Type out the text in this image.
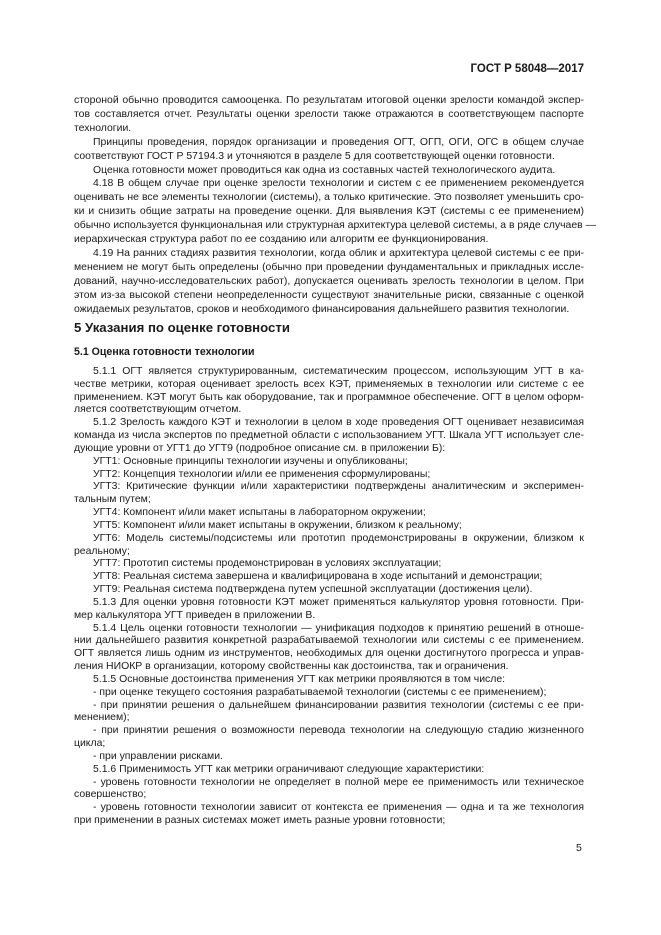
ГОСТ Р 58048—2017
стороной обычно проводится самооценка. По результатам итоговой оценки зрелости командой экспер-
тов составляется отчет. Результаты оценки зрелости также отражаются в соответствующем паспорте
технологии.
Принципы проведения, порядок организации и проведения ОГТ, ОГП, ОГИ, ОГС в общем случае
соответствуют ГОСТ Р 57194.3 и уточняются в разделе 5 для соответствующей оценки готовности.
Оценка готовности может проводиться как одна из составных частей технологического аудита.
4.18 В общем случае при оценке зрелости технологии и систем с ее применением рекомендуется
оценивать не все элементы технологии (системы), а только критические. Это позволяет уменьшить сро-
ки и снизить общие затраты на проведение оценки. Для выявления КЭТ (системы с ее применением)
обычно используется функциональная или структурная архитектура целевой системы, а в ряде случаев —
иерархическая структура работ по ее созданию или алгоритм ее функционирования.
4.19 На ранних стадиях развития технологии, когда облик и архитектура целевой системы с ее при-
менением не могут быть определены (обычно при проведении фундаментальных и прикладных иссле-
дований, научно-исследовательских работ), допускается оценивать зрелость технологии в целом. При
этом из-за высокой степени неопределенности существуют значительные риски, связанные с оценкой
ожидаемых результатов, сроков и необходимого финансирования дальнейшего развития технологии.
5 Указания по оценке готовности
5.1 Оценка готовности технологии
5.1.1 ОГТ является структурированным, систематическим процессом, использующим УГТ в ка-
честве метрики, которая оценивает зрелость всех КЭТ, применяемых в технологии или системе с ее
применением. КЭТ могут быть как оборудование, так и программное обеспечение. ОГТ в целом оформ-
ляется соответствующим отчетом.
5.1.2 Зрелость каждого КЭТ и технологии в целом в ходе проведения ОГТ оценивает независимая
команда из числа экспертов по предметной области с использованием УГТ. Шкала УГТ использует сле-
дующие уровни от УГТ1 до УГТ9 (подробное описание см. в приложении Б):
УГТ1: Основные принципы технологии изучены и опубликованы;
УГТ2: Концепция технологии и/или ее применения сформулированы;
УГТ3: Критические функции и/или характеристики подтверждены аналитическим и эксперимен-
тальным путем;
УГТ4: Компонент и/или макет испытаны в лабораторном окружении;
УГТ5: Компонент и/или макет испытаны в окружении, близком к реальному;
УГТ6: Модель системы/подсистемы или прототип продемонстрированы в окружении, близком к
реальному;
УГТ7: Прототип системы продемонстрирован в условиях эксплуатации;
УГТ8: Реальная система завершена и квалифицирована в ходе испытаний и демонстрации;
УГТ9: Реальная система подтверждена путем успешной эксплуатации (достижения цели).
5.1.3 Для оценки уровня готовности КЭТ может применяться калькулятор уровня готовности. При-
мер калькулятора УГТ приведен в приложении В.
5.1.4 Цель оценки готовности технологии — унификация подходов к принятию решений в отноше-
нии дальнейшего развития конкретной разрабатываемой технологии или системы с ее применением.
ОГТ является лишь одним из инструментов, необходимых для оценки достигнутого прогресса и управ-
ления НИОКР в организации, которому свойственны как достоинства, так и ограничения.
5.1.5 Основные достоинства применения УГТ как метрики проявляются в том числе:
- при оценке текущего состояния разрабатываемой технологии (системы с ее применением);
- при принятии решения о дальнейшем финансировании развития технологии (системы с ее при-
менением);
- при принятии решения о возможности перевода технологии на следующую стадию жизненного
цикла;
- при управлении рисками.
5.1.6 Применимость УГТ как метрики ограничивают следующие характеристики:
- уровень готовности технологии не определяет в полной мере ее применимость или техническое
совершенство;
- уровень готовности технологии зависит от контекста ее применения — одна и та же технология
при применении в разных системах может иметь разные уровни готовности;
5
